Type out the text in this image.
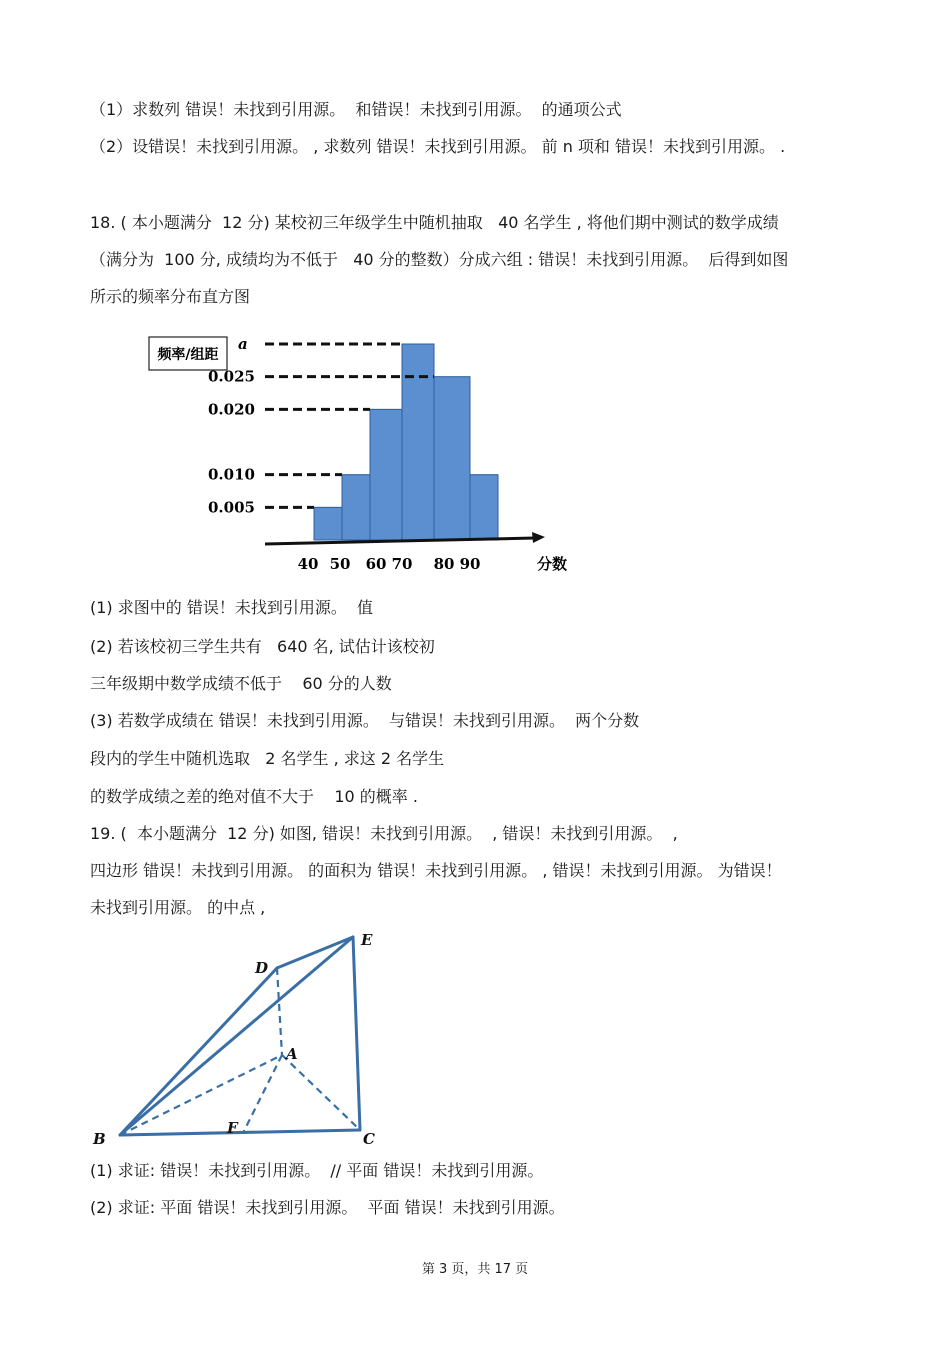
（1）求数列 错误！未找到引用源。  和错误！未找到引用源。  的通项公式
（2）设错误！未找到引用源。 , 求数列 错误！未找到引用源。 前 n 项和 错误！未找到引用源。 .
18. ( 本小题满分  12 分) 某校初三年级学生中随机抽取   40 名学生 , 将他们期中测试的数学成绩
（满分为  100 分, 成绩均为不低于   40 分的整数）分成六组 : 错误！未找到引用源。  后得到如图
所示的频率分布直方图
频率/组距
a
0.025
0.020
0.010
0.005
40 50 60 70 80 90	分数
(1) 求图中的 错误！未找到引用源。  值
(2) 若该校初三学生共有   640 名, 试估计该校初
三年级期中数学成绩不低于    60 分的人数
(3) 若数学成绩在 错误！未找到引用源。  与错误！未找到引用源。  两个分数
段内的学生中随机选取   2 名学生 , 求这 2 名学生
的数学成绩之差的绝对值不大于    10 的概率 .
19. (  本小题满分  12 分) 如图, 错误！未找到引用源。  , 错误！未找到引用源。  ,
四边形 错误！未找到引用源。 的面积为 错误！未找到引用源。 , 错误！未找到引用源。 为错误！
未找到引用源。 的中点 ,
E
D
A
B
F
C
(1) 求证: 错误！未找到引用源。  // 平面 错误！未找到引用源。
(2) 求证: 平面 错误！未找到引用源。  平面 错误！未找到引用源。
第 3 页，共 17 页
